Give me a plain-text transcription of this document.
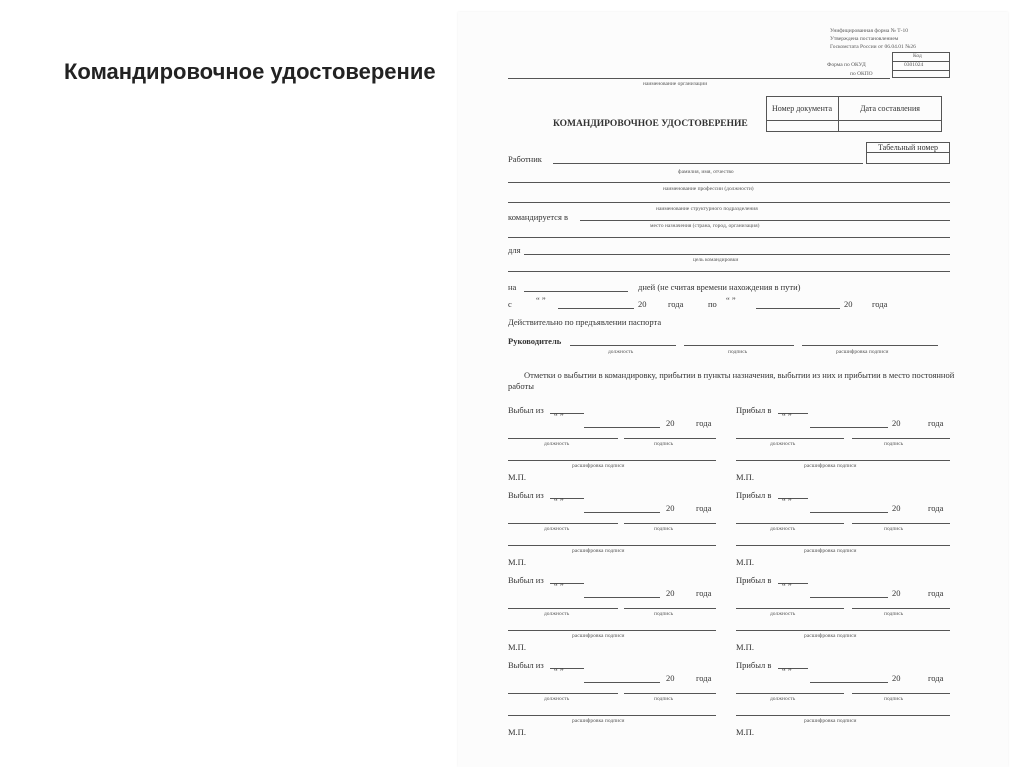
Командировочное удостоверение
Унифицированная форма № Т-10
Утверждена постановлением
Госкомстата России от 06.04.01 №26
Код
Форма по ОКУД	0301024
по ОКПО
наименование организации
КОМАНДИРОВОЧНОЕ УДОСТОВЕРЕНИЕ
Номер документа	Дата составления
Табельный номер
Работник
фамилия, имя, отчество
наименование профессии (должности)
наименование структурного подразделения
командируется в
место назначения (страна, город, организация)
для
цель командировки
на	дней (не считая времени нахождения в пути)
с	“ ”	20	года	по “ ”	20 года
Действительно по предъявлении паспорта
Руководитель
должность	подпись	расшифровка подписи
Отметки о выбытии в командировку, прибытии в пункты назначения, выбытии из них и прибытии в место постоянной работы
Выбыл из
“ ”
20	года
должность	подпись
расшифровка подписи
М.П.
Прибыл в
“ ”
20	года
должность	подпись
расшифровка подписи
М.П.
Выбыл из
“ ”
20	года
должность	подпись
расшифровка подписи
М.П.
Прибыл в
“ ”
20	года
должность	подпись
расшифровка подписи
М.П.
Выбыл из
“ ”
20	года
должность	подпись
расшифровка подписи
М.П.
Прибыл в
“ ”
20	года
должность	подпись
расшифровка подписи
М.П.
Выбыл из
“ ”
20	года
должность	подпись
расшифровка подписи
М.П.
Прибыл в
“ ”
20	года
должность	подпись
расшифровка подписи
М.П.
